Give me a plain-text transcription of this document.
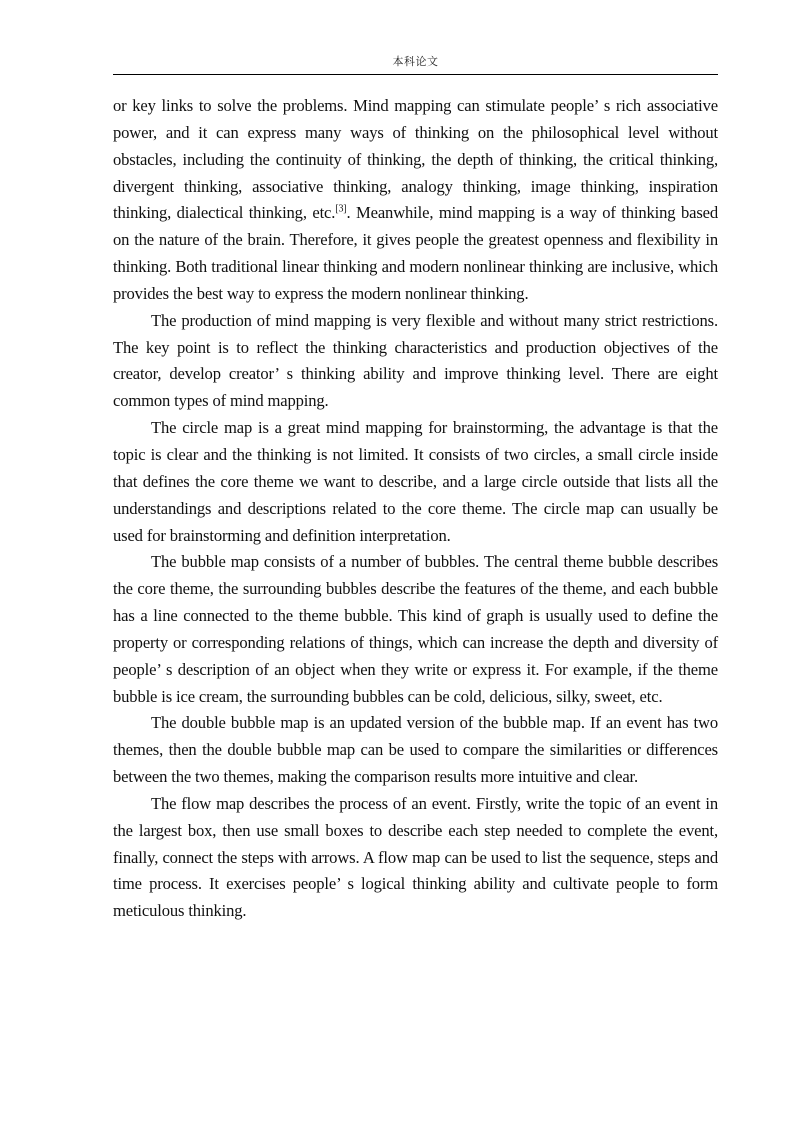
本科论文

or key links to solve the problems. Mind mapping can stimulate people’ s rich associative power, and it can express many ways of thinking on the philosophical level without obstacles, including the continuity of thinking, the depth of thinking, the critical thinking, divergent thinking, associative thinking, analogy thinking, image thinking, inspiration thinking, dialectical thinking, etc.[3]. Meanwhile, mind mapping is a way of thinking based on the nature of the brain. Therefore, it gives people the greatest openness and flexibility in thinking. Both traditional linear thinking and modern nonlinear thinking are inclusive, which provides the best way to express the modern nonlinear thinking.

The production of mind mapping is very flexible and without many strict restrictions. The key point is to reflect the thinking characteristics and production objectives of the creator, develop creator’ s thinking ability and improve thinking level. There are eight common types of mind mapping.

The circle map is a great mind mapping for brainstorming, the advantage is that the topic is clear and the thinking is not limited. It consists of two circles, a small circle inside that defines the core theme we want to describe, and a large circle outside that lists all the understandings and descriptions related to the core theme. The circle map can usually be used for brainstorming and definition interpretation.

The bubble map consists of a number of bubbles. The central theme bubble describes the core theme, the surrounding bubbles describe the features of the theme, and each bubble has a line connected to the theme bubble. This kind of graph is usually used to define the property or corresponding relations of things, which can increase the depth and diversity of people’ s description of an object when they write or express it. For example, if the theme bubble is ice cream, the surrounding bubbles can be cold, delicious, silky, sweet, etc.

The double bubble map is an updated version of the bubble map. If an event has two themes, then the double bubble map can be used to compare the similarities or differences between the two themes, making the comparison results more intuitive and clear.

The flow map describes the process of an event. Firstly, write the topic of an event in the largest box, then use small boxes to describe each step needed to complete the event, finally, connect the steps with arrows. A flow map can be used to list the sequence, steps and time process. It exercises people’ s logical thinking ability and cultivate people to form meticulous thinking.
